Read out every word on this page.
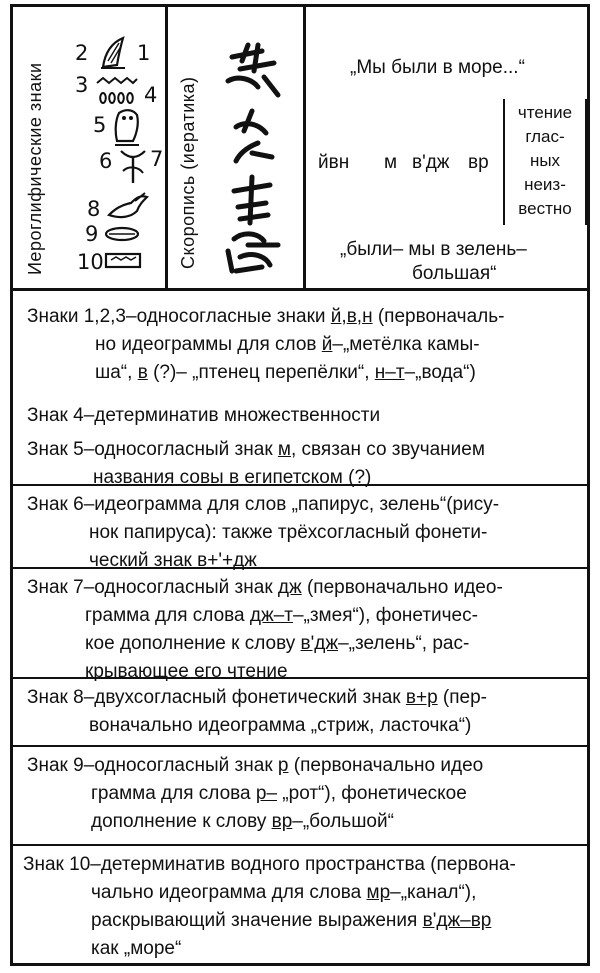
Иероглифические знаки
2 1
3	4
5
6 7
8
9
10	Скоропись (иератика)
„Мы были в море...“
йвн м в'дж вр
чтение
глас-
ных
неиз-
вестно
„были– мы в зелень–
большая“
Знаки 1,2,3–односогласные знаки й,в,н (первоначаль-
но идеограммы для слов й–„метёлка камы-
ша“, в (?)– „птенец перепёлки“, н–т–„вода“)
Знак 4–детерминатив множественности
Знак 5–односогласный знак м, связан со звучанием
названия совы в египетском (?)
Знак 6–идеограмма для слов „папирус, зелень“(рису-
нок папируса): также трёхсогласный фонети-
ческий знак в+'+дж
Знак 7–односогласный знак дж (первоначально идео-
грамма для слова дж–т–„змея“), фонетичес-
кое дополнение к слову в'дж–„зелень“, рас-
крывающее его чтение
Знак 8–двухсогласный фонетический знак в+р (пер-
воначально идеограмма „стриж, ласточка“)
Знак 9–односогласный знак р (первоначально идео
грамма для слова р– „рот“), фонетическое
дополнение к слову вр–„большой“
Знак 10–детерминатив водного пространства (первона-
чально идеограмма для слова мр–„канал“),
раскрывающий значение выражения в'дж–вр
как „море“
